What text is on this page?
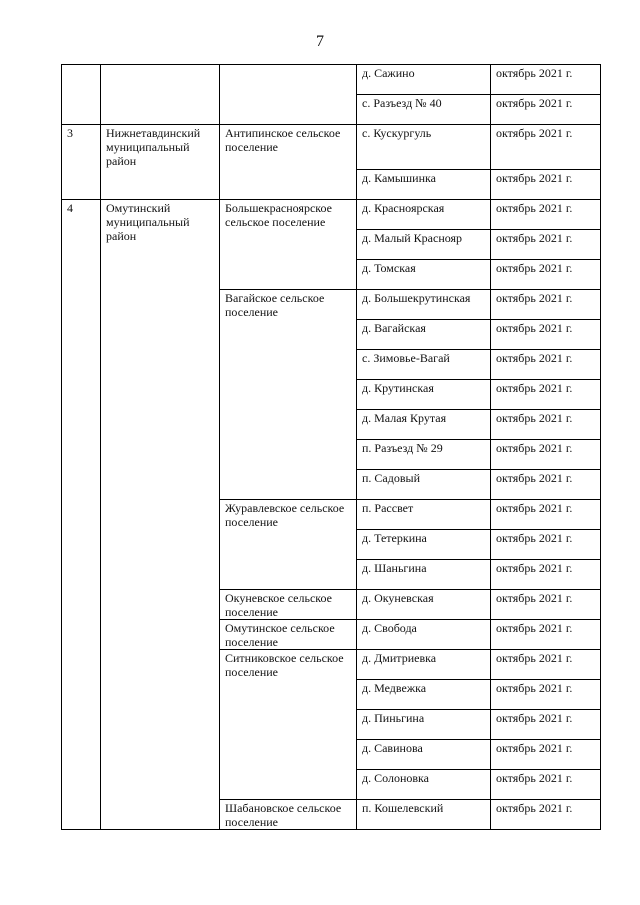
7
			д. Сажино	октябрь 2021 г.
			с. Разъезд № 40	октябрь 2021 г.
3	Нижнетавдинский муниципальный район	Антипинское сельское поселение	с. Кускургуль	октябрь 2021 г.
			д. Камышинка	октябрь 2021 г.
4	Омутинский муниципальный район	Большекрасноярское сельское поселение	д. Красноярская	октябрь 2021 г.
			д. Малый Краснояр	октябрь 2021 г.
			д. Томская	октябрь 2021 г.
		Вагайское сельское поселение	д. Большекрутинская	октябрь 2021 г.
			д. Вагайская	октябрь 2021 г.
			с. Зимовье-Вагай	октябрь 2021 г.
			д. Крутинская	октябрь 2021 г.
			д. Малая Крутая	октябрь 2021 г.
			п. Разъезд № 29	октябрь 2021 г.
			п. Садовый	октябрь 2021 г.
		Журавлевское сельское поселение	п. Рассвет	октябрь 2021 г.
			д. Тетеркина	октябрь 2021 г.
			д. Шаньгина	октябрь 2021 г.
		Окуневское сельское поселение	д. Окуневская	октябрь 2021 г.
		Омутинское сельское поселение	д. Свобода	октябрь 2021 г.
		Ситниковское сельское поселение	д. Дмитриевка	октябрь 2021 г.
			д. Медвежка	октябрь 2021 г.
			д. Пиньгина	октябрь 2021 г.
			д. Савинова	октябрь 2021 г.
			д. Солоновка	октябрь 2021 г.
		Шабановское сельское поселение	п. Кошелевский	октябрь 2021 г.
